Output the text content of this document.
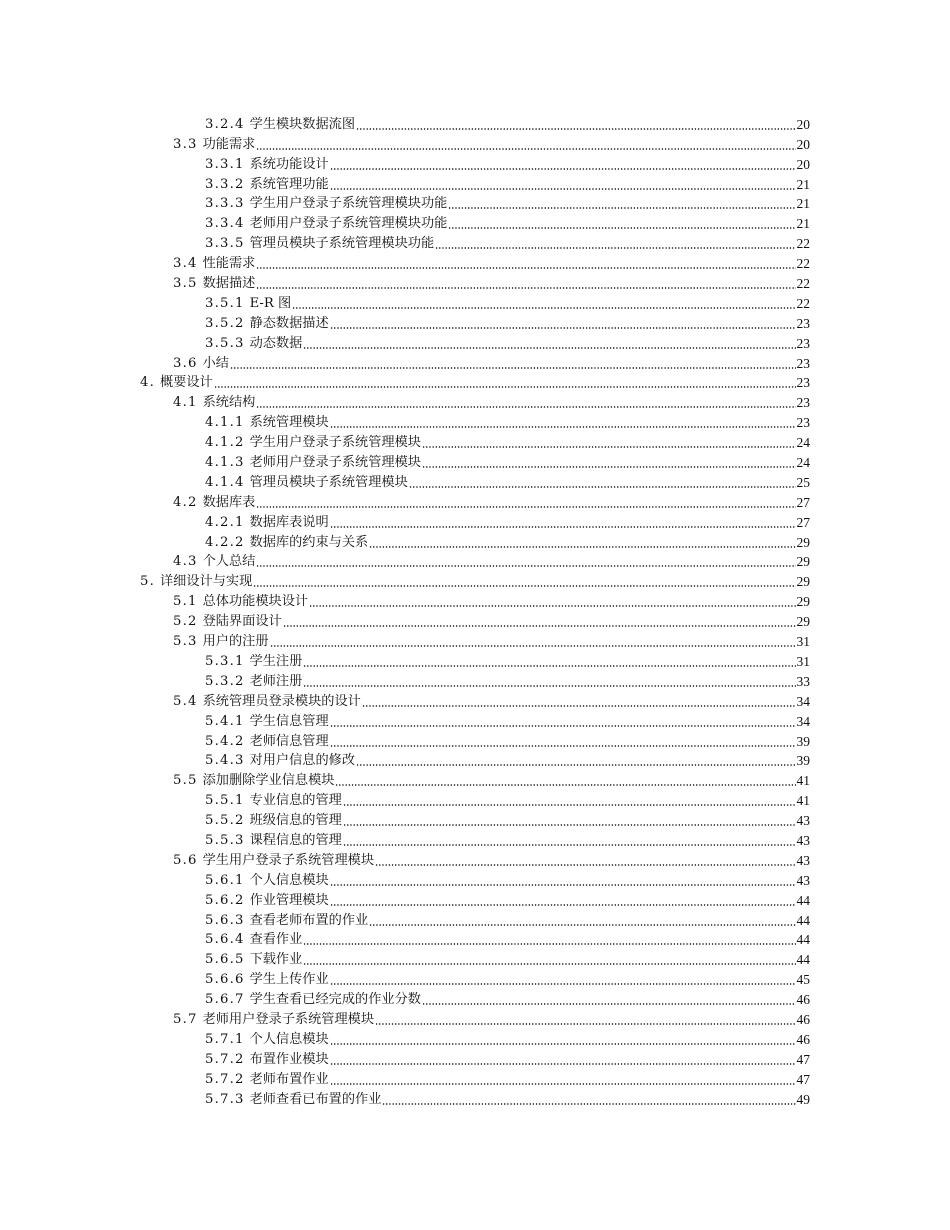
3.2.4 学生模块数据流图	20
3.3 功能需求	20
3.3.1 系统功能设计	20
3.3.2 系统管理功能	21
3.3.3 学生用户登录子系统管理模块功能	21
3.3.4 老师用户登录子系统管理模块功能	21
3.3.5 管理员模块子系统管理模块功能	22
3.4 性能需求	22
3.5 数据描述	22
3.5.1 E-R 图	22
3.5.2 静态数据描述	23
3.5.3 动态数据	23
3.6 小结	23
4. 概要设计	23
4.1 系统结构	23
4.1.1 系统管理模块	23
4.1.2 学生用户登录子系统管理模块	24
4.1.3 老师用户登录子系统管理模块	24
4.1.4 管理员模块子系统管理模块	25
4.2 数据库表	27
4.2.1 数据库表说明	27
4.2.2 数据库的约束与关系	29
4.3 个人总结	29
5. 详细设计与实现	29
5.1 总体功能模块设计	29
5.2 登陆界面设计	29
5.3 用户的注册	31
5.3.1 学生注册	31
5.3.2 老师注册	33
5.4 系统管理员登录模块的设计	34
5.4.1 学生信息管理	34
5.4.2 老师信息管理	39
5.4.3 对用户信息的修改	39
5.5 添加删除学业信息模块	41
5.5.1 专业信息的管理	41
5.5.2 班级信息的管理	43
5.5.3 课程信息的管理	43
5.6 学生用户登录子系统管理模块	43
5.6.1 个人信息模块	43
5.6.2 作业管理模块	44
5.6.3 查看老师布置的作业	44
5.6.4 查看作业	44
5.6.5 下载作业	44
5.6.6 学生上传作业	45
5.6.7 学生查看已经完成的作业分数	46
5.7 老师用户登录子系统管理模块	46
5.7.1 个人信息模块	46
5.7.2 布置作业模块	47
5.7.2 老师布置作业	47
5.7.3 老师查看已布置的作业	49
